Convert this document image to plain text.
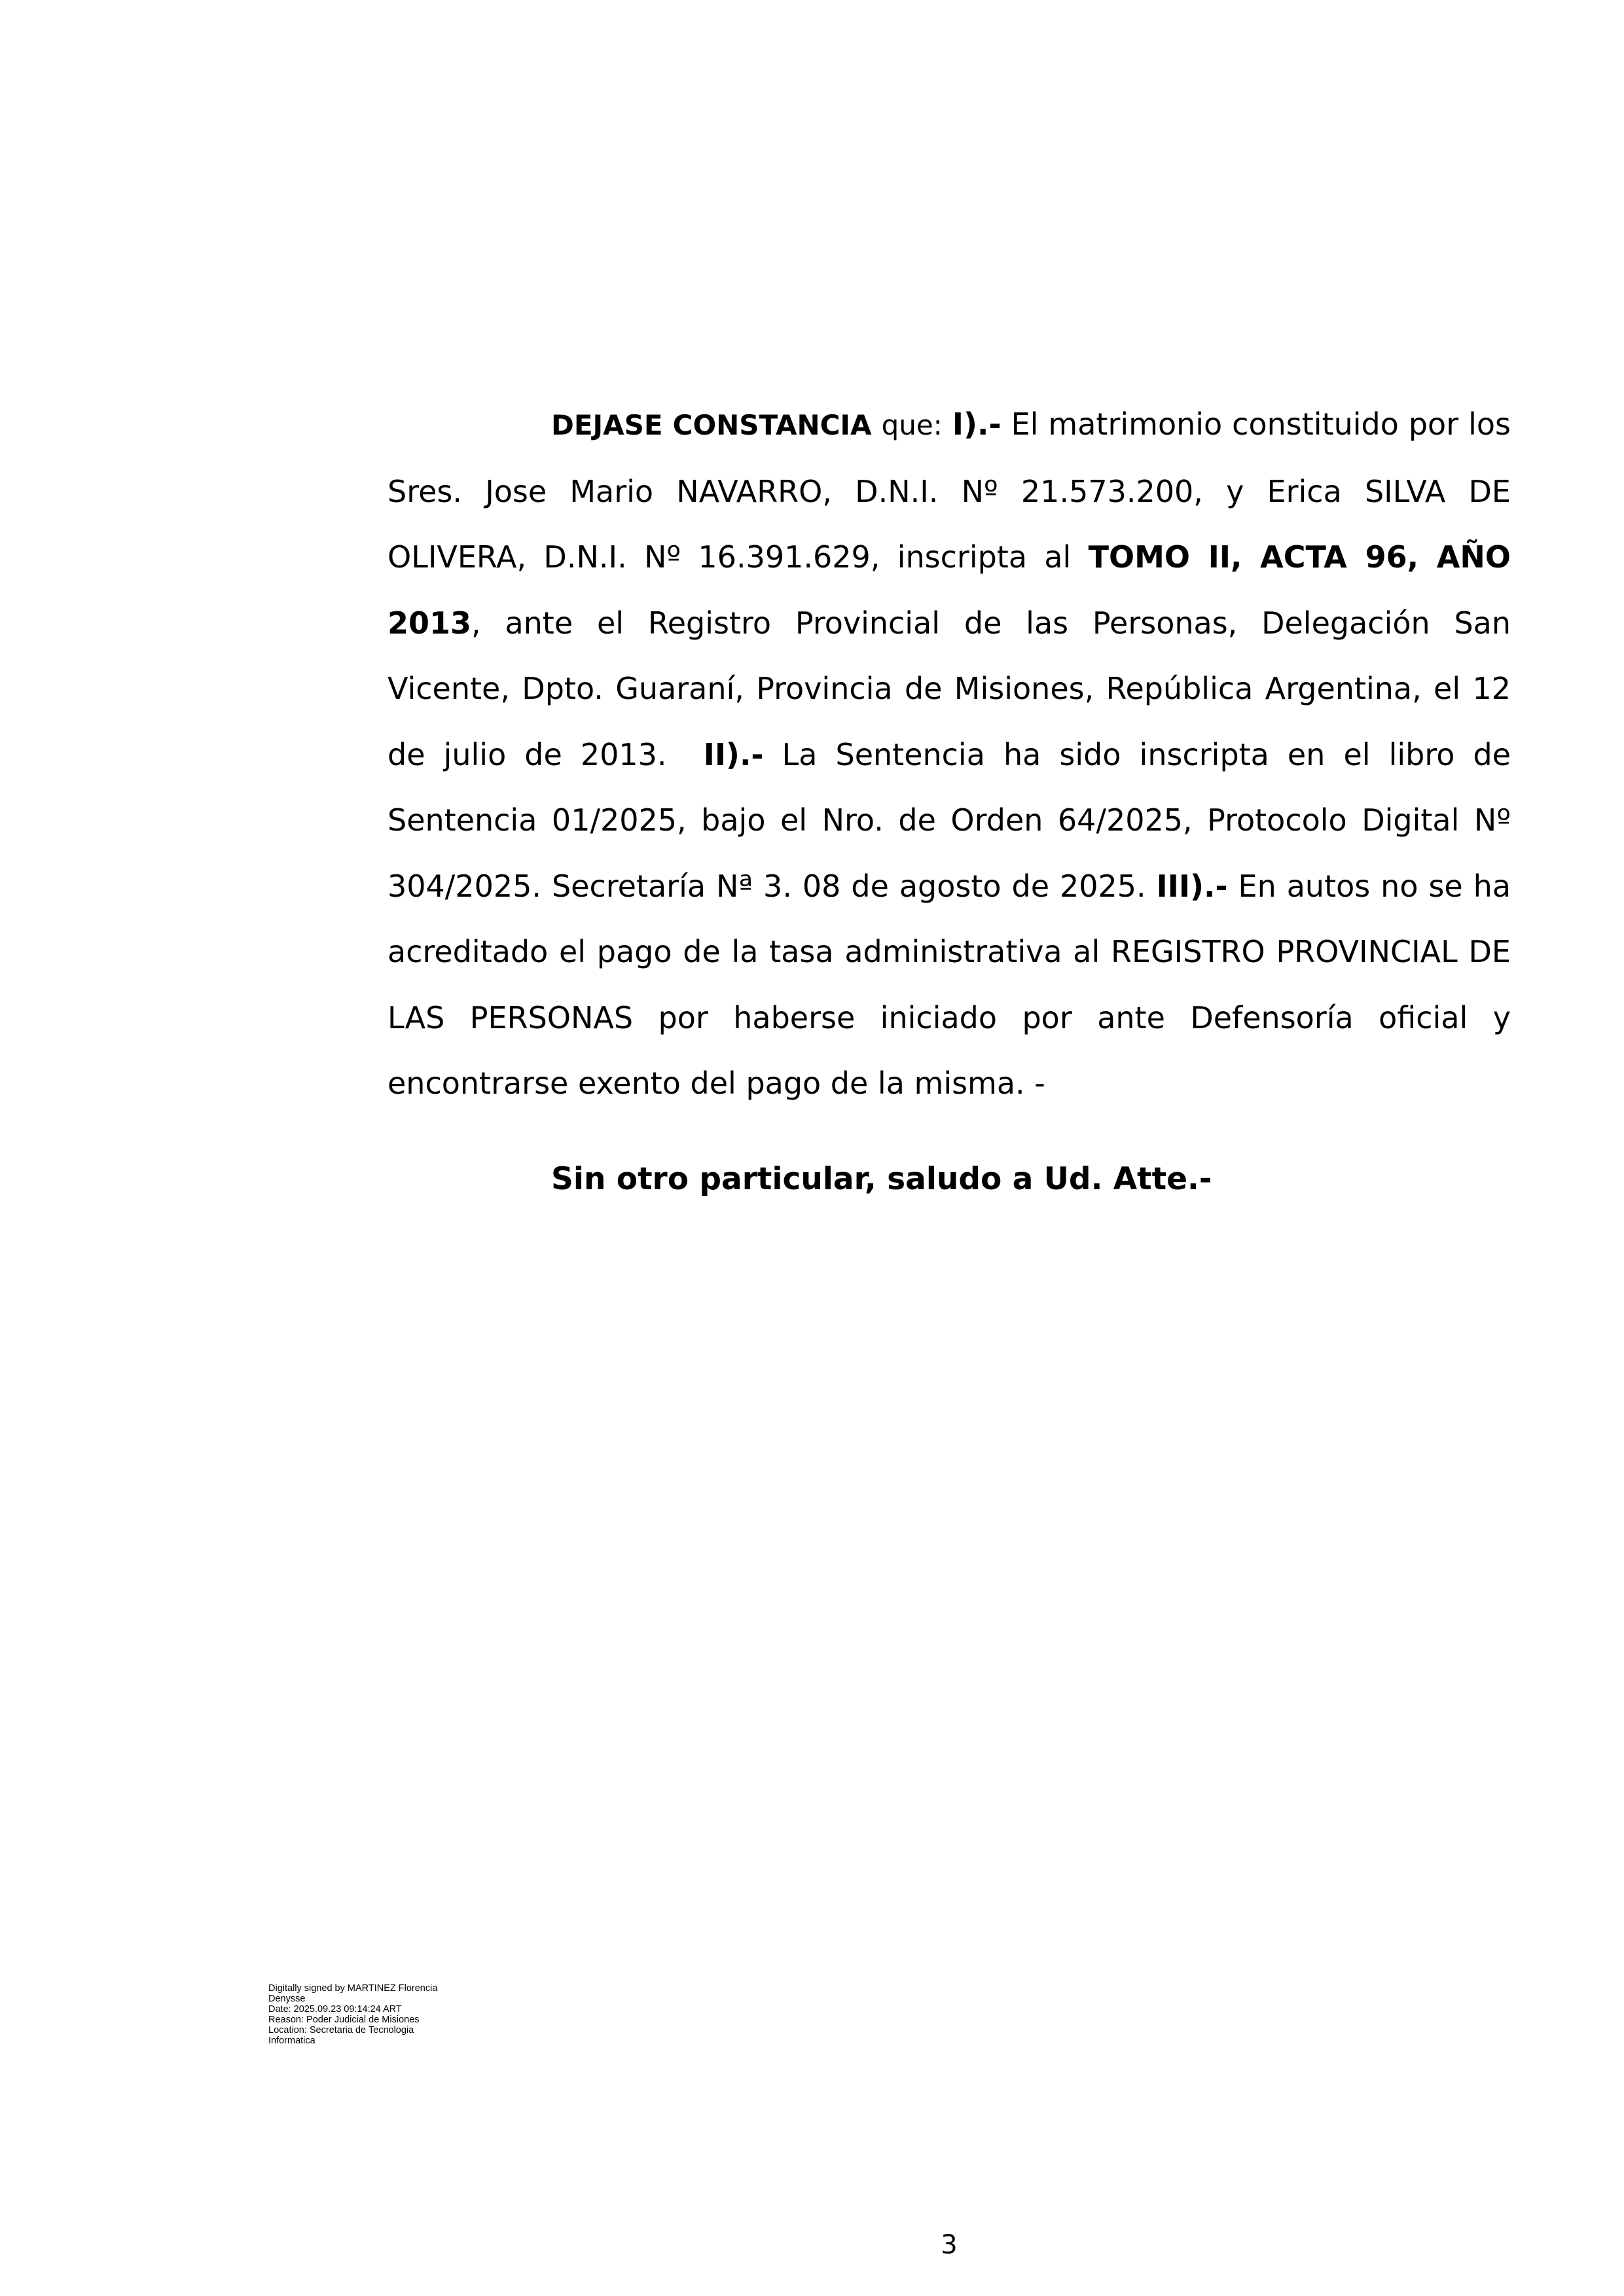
DEJASE CONSTANCIA que: I).- El matrimonio constituido por los Sres. Jose Mario NAVARRO, D.N.I. Nº 21.573.200, y Erica SILVA DE OLIVERA, D.N.I. Nº 16.391.629, inscripta al TOMO II, ACTA 96, AÑO 2013, ante el Registro Provincial de las Personas, Delegación San Vicente, Dpto. Guaraní, Provincia de Misiones, República Argentina, el 12 de julio de 2013. II).- La Sentencia ha sido inscripta en el libro de Sentencia 01/2025, bajo el Nro. de Orden 64/2025, Protocolo Digital Nº 304/2025. Secretaría Nª 3. 08 de agosto de 2025. III).- En autos no se ha acreditado el pago de la tasa administrativa al REGISTRO PROVINCIAL DE LAS PERSONAS por haberse iniciado por ante Defensoría oficial y encontrarse exento del pago de la misma. -

Sin otro particular, saludo a Ud. Atte.-

Digitally signed by MARTINEZ Florencia
Denysse
Date: 2025.09.23 09:14:24 ART
Reason: Poder Judicial de Misiones
Location: Secretaria de Tecnologia
Informatica
3
